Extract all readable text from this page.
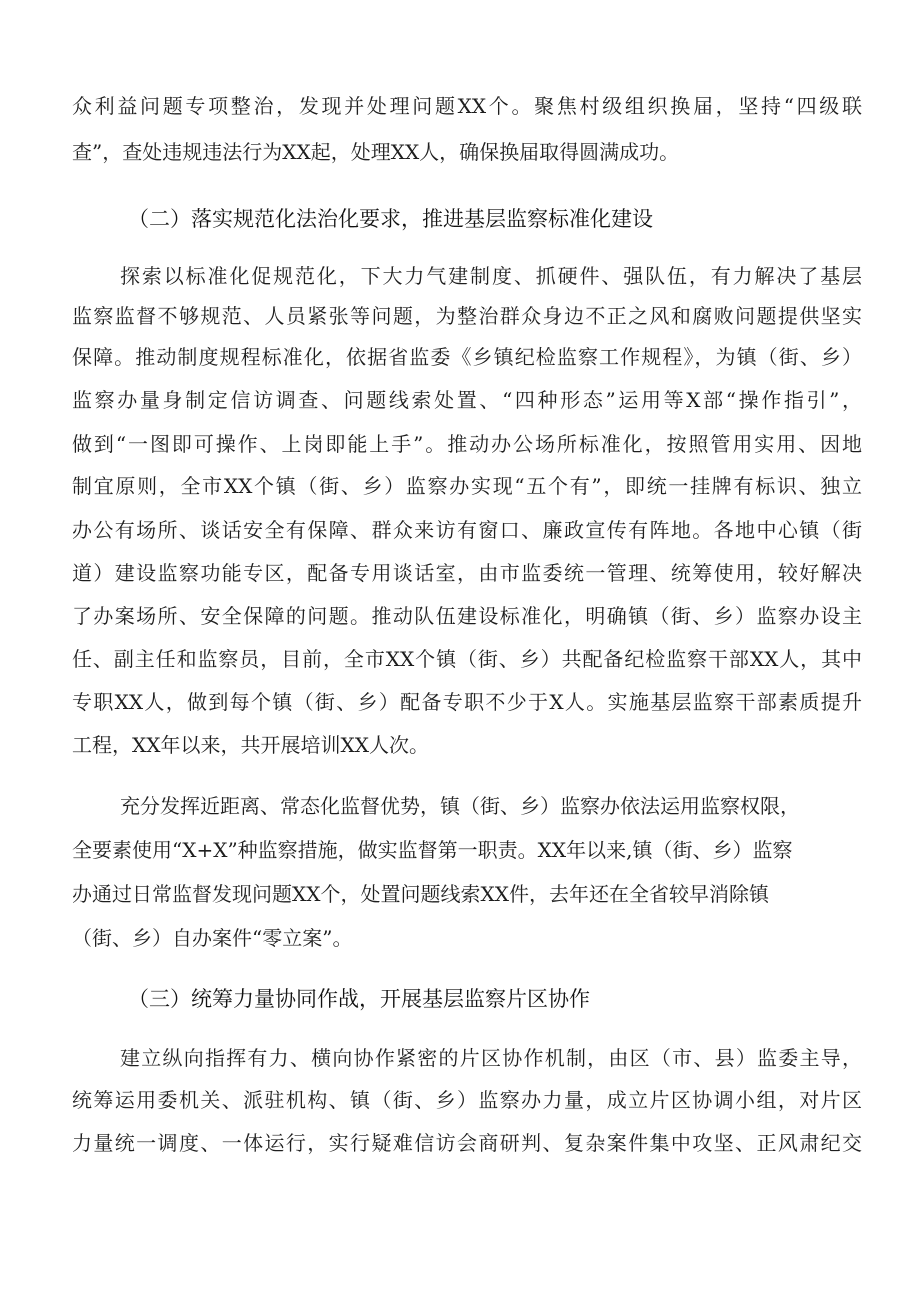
众利益问题专项整治，发现并处理问题XX个。聚焦村级组织换届，坚持“四级联
查”，查处违规违法行为XX起，处理XX人，确保换届取得圆满成功。
（二）落实规范化法治化要求，推进基层监察标准化建设
探索以标准化促规范化，下大力气建制度、抓硬件、强队伍，有力解决了基层
监察监督不够规范、人员紧张等问题，为整治群众身边不正之风和腐败问题提供坚实
保障。推动制度规程标准化，依据省监委《乡镇纪检监察工作规程》，为镇（街、乡）
监察办量身制定信访调查、问题线索处置、“四种形态”运用等X部“操作指引”，
做到“一图即可操作、上岗即能上手”。推动办公场所标准化，按照管用实用、因地
制宜原则，全市XX个镇（街、乡）监察办实现“五个有”，即统一挂牌有标识、独立
办公有场所、谈话安全有保障、群众来访有窗口、廉政宣传有阵地。各地中心镇（街
道）建设监察功能专区，配备专用谈话室，由市监委统一管理、统筹使用，较好解决
了办案场所、安全保障的问题。推动队伍建设标准化，明确镇（街、乡）监察办设主
任、副主任和监察员，目前，全市XX个镇（街、乡）共配备纪检监察干部XX人，其中
专职XX人，做到每个镇（街、乡）配备专职不少于X人。实施基层监察干部素质提升
工程，XX年以来，共开展培训XX人次。
充分发挥近距离、常态化监督优势，镇（街、乡）监察办依法运用监察权限，
全要素使用“X+X”种监察措施，做实监督第一职责。XX年以来,镇（街、乡）监察
办通过日常监督发现问题XX个，处置问题线索XX件，去年还在全省较早消除镇
（街、乡）自办案件“零立案”。
（三）统筹力量协同作战，开展基层监察片区协作
建立纵向指挥有力、横向协作紧密的片区协作机制，由区（市、县）监委主导，
统筹运用委机关、派驻机构、镇（街、乡）监察办力量，成立片区协调小组，对片区
力量统一调度、一体运行，实行疑难信访会商研判、复杂案件集中攻坚、正风肃纪交
